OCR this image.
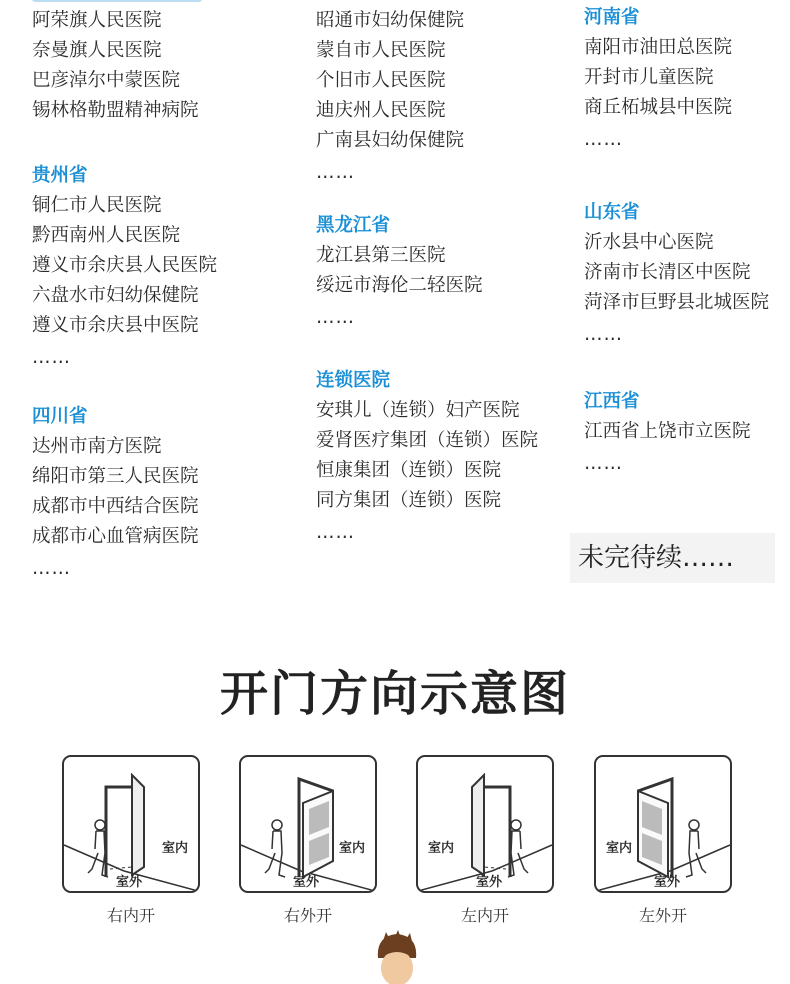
阿荣旗人民医院
奈曼旗人民医院
巴彦淖尔中蒙医院
锡林格勒盟精神病院
贵州省
铜仁市人民医院
黔西南州人民医院
遵义市余庆县人民医院
六盘水市妇幼保健院
遵义市余庆县中医院
……
四川省
达州市南方医院
绵阳市第三人民医院
成都市中西结合医院
成都市心血管病医院
……
昭通市妇幼保健院
蒙自市人民医院
个旧市人民医院
迪庆州人民医院
广南县妇幼保健院
……
黑龙江省
龙江县第三医院
绥远市海伦二轻医院
……
连锁医院
安琪儿（连锁）妇产医院
爱肾医疗集团（连锁）医院
恒康集团（连锁）医院
同方集团（连锁）医院
……
河南省
南阳市油田总医院
开封市儿童医院
商丘柘城县中医院
……
山东省
沂水县中心医院
济南市长清区中医院
菏泽市巨野县北城医院
……
江西省
江西省上饶市立医院
……
未完待续……
开门方向示意图
室内
室外
右内开
室内
室外
右外开
室内
室外
左内开
室内
室外
左外开
